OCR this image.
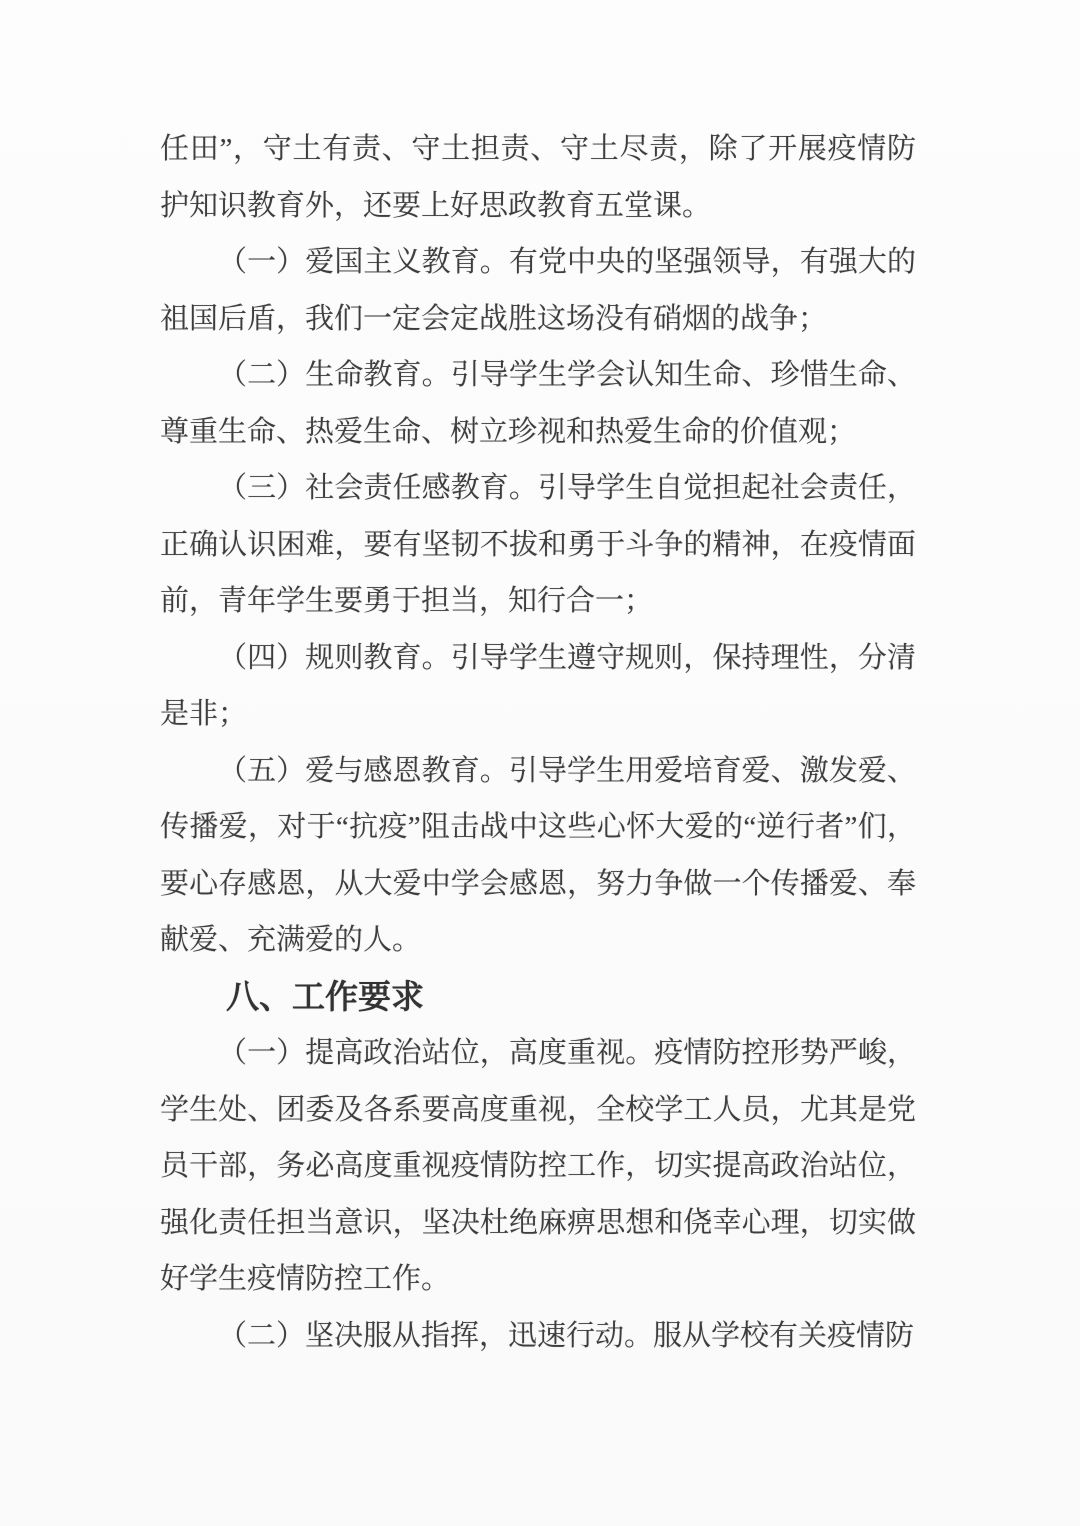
任田”，守土有责、守土担责、守土尽责，除了开展疫情防护知识教育外，还要上好思政教育五堂课。

（一）爱国主义教育。有党中央的坚强领导，有强大的祖国后盾，我们一定会定战胜这场没有硝烟的战争；

（二）生命教育。引导学生学会认知生命、珍惜生命、尊重生命、热爱生命、树立珍视和热爱生命的价值观；

（三）社会责任感教育。引导学生自觉担起社会责任，正确认识困难，要有坚韧不拔和勇于斗争的精神，在疫情面前，青年学生要勇于担当，知行合一；

（四）规则教育。引导学生遵守规则，保持理性，分清是非；

（五）爱与感恩教育。引导学生用爱培育爱、激发爱、传播爱，对于“抗疫”阻击战中这些心怀大爱的“逆行者”们，要心存感恩，从大爱中学会感恩，努力争做一个传播爱、奉献爱、充满爱的人。

八、工作要求

（一）提高政治站位，高度重视。疫情防控形势严峻，学生处、团委及各系要高度重视，全校学工人员，尤其是党员干部，务必高度重视疫情防控工作，切实提高政治站位，强化责任担当意识，坚决杜绝麻痹思想和侥幸心理，切实做好学生疫情防控工作。

（二）坚决服从指挥，迅速行动。服从学校有关疫情防
